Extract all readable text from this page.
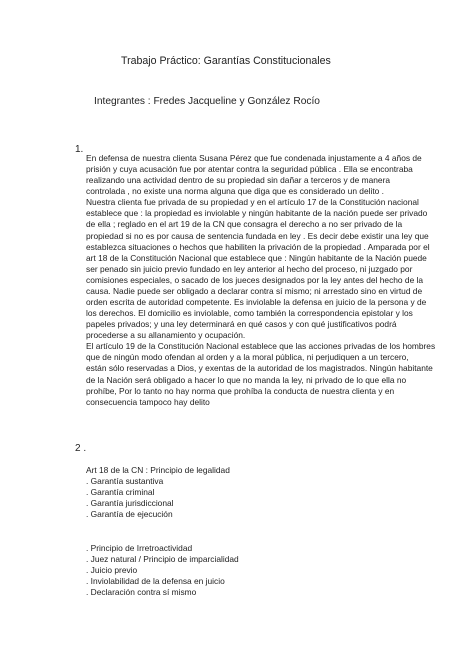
Trabajo Práctico: Garantías Constitucionales
Integrantes : Fredes Jacqueline y González Rocío
1.
En defensa de nuestra clienta Susana Pérez que fue condenada injustamente a 4 años de
prisión y cuya acusación fue por atentar contra la seguridad pública . Ella se encontraba
realizando una actividad dentro de su propiedad sin dañar a terceros y de manera
controlada , no existe una norma alguna que diga que es considerado un delito .
Nuestra clienta fue privada de su propiedad y en el artículo 17 de la Constitución nacional
establece que : la propiedad es inviolable y ningún habitante de la nación puede ser privado
de ella ; reglado en el art 19 de la CN que consagra el derecho a no ser privado de la
propiedad si no es por causa de sentencia fundada en ley . Es decir debe existir una ley que
establezca situaciones o hechos que habiliten la privación de la propiedad . Amparada por el
art 18 de la Constitución Nacional que establece que : Ningún habitante de la Nación puede
ser penado sin juicio previo fundado en ley anterior al hecho del proceso, ni juzgado por
comisiones especiales, o sacado de los jueces designados por la ley antes del hecho de la
causa. Nadie puede ser obligado a declarar contra sí mismo; ni arrestado sino en virtud de
orden escrita de autoridad competente. Es inviolable la defensa en juicio de la persona y de
los derechos. El domicilio es inviolable, como también la correspondencia epistolar y los
papeles privados; y una ley determinará en qué casos y con qué justificativos podrá
procederse a su allanamiento y ocupación.
El artículo 19 de la Constitución Nacional establece que las acciones privadas de los hombres
que de ningún modo ofendan al orden y a la moral pública, ni perjudiquen a un tercero,
están sólo reservadas a Dios, y exentas de la autoridad de los magistrados. Ningún habitante
de la Nación será obligado a hacer lo que no manda la ley, ni privado de lo que ella no
prohíbe, Por lo tanto no hay norma que prohíba la conducta de nuestra clienta y en
consecuencia tampoco hay delito
2 .
Art 18 de la CN : Principio de legalidad
. Garantía sustantiva
. Garantía criminal
. Garantía jurisdiccional
. Garantía de ejecución
. Principio de Irretroactividad
. Juez natural / Principio de imparcialidad
. Juicio previo
. Inviolabilidad de la defensa en juicio
. Declaración contra sí mismo
